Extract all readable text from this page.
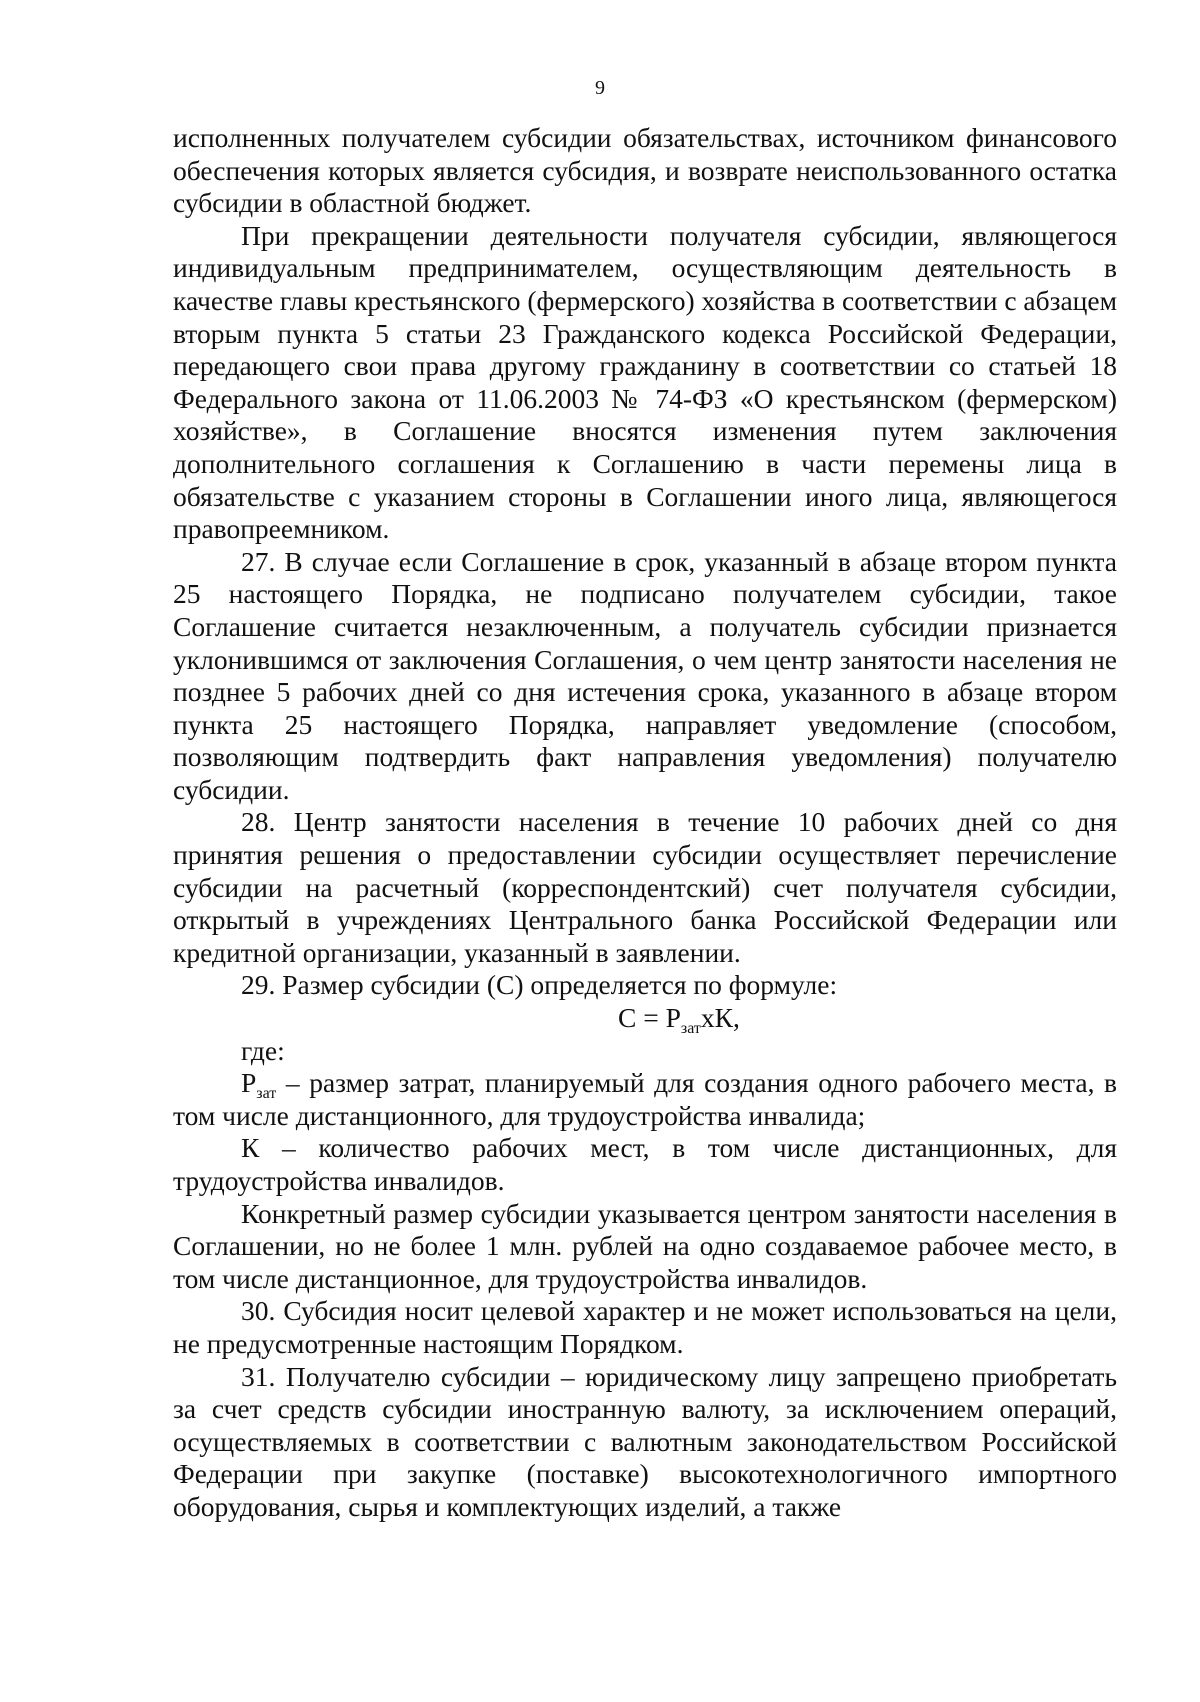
9

исполненных получателем субсидии обязательствах, источником финансового обеспечения которых является субсидия, и возврате неиспользованного остатка субсидии в областной бюджет.

При прекращении деятельности получателя субсидии, являющегося индивидуальным предпринимателем, осуществляющим деятельность в качестве главы крестьянского (фермерского) хозяйства в соответствии с абзацем вторым пункта 5 статьи 23 Гражданского кодекса Российской Федерации, передающего свои права другому гражданину в соответствии со статьей 18 Федерального закона от 11.06.2003 № 74-ФЗ «О крестьянском (фермерском) хозяйстве», в Соглашение вносятся изменения путем заключения дополнительного соглашения к Соглашению в части перемены лица в обязательстве с указанием стороны в Соглашении иного лица, являющегося правопреемником.

27. В случае если Соглашение в срок, указанный в абзаце втором пункта 25 настоящего Порядка, не подписано получателем субсидии, такое Соглашение считается незаключенным, а получатель субсидии признается уклонившимся от заключения Соглашения, о чем центр занятости населения не позднее 5 рабочих дней со дня истечения срока, указанного в абзаце втором пункта 25 настоящего Порядка, направляет уведомление (способом, позволяющим подтвердить факт направления уведомления) получателю субсидии.

28. Центр занятости населения в течение 10 рабочих дней со дня принятия решения о предоставлении субсидии осуществляет перечисление субсидии на расчетный (корреспондентский) счет получателя субсидии, открытый в учреждениях Центрального банка Российской Федерации или кредитной организации, указанный в заявлении.

29. Размер субсидии (С) определяется по формуле:

$С = Р_{зат}хК$,

где:

$Р_{зат}$ – размер затрат, планируемый для создания одного рабочего места, в том числе дистанционного, для трудоустройства инвалида;

К – количество рабочих мест, в том числе дистанционных, для трудоустройства инвалидов.

Конкретный размер субсидии указывается центром занятости населения в Соглашении, но не более 1 млн. рублей на одно создаваемое рабочее место, в том числе дистанционное, для трудоустройства инвалидов.

30. Субсидия носит целевой характер и не может использоваться на цели, не предусмотренные настоящим Порядком.

31. Получателю субсидии – юридическому лицу запрещено приобретать за счет средств субсидии иностранную валюту, за исключением операций, осуществляемых в соответствии с валютным законодательством Российской Федерации при закупке (поставке) высокотехнологичного импортного оборудования, сырья и комплектующих изделий, а также
